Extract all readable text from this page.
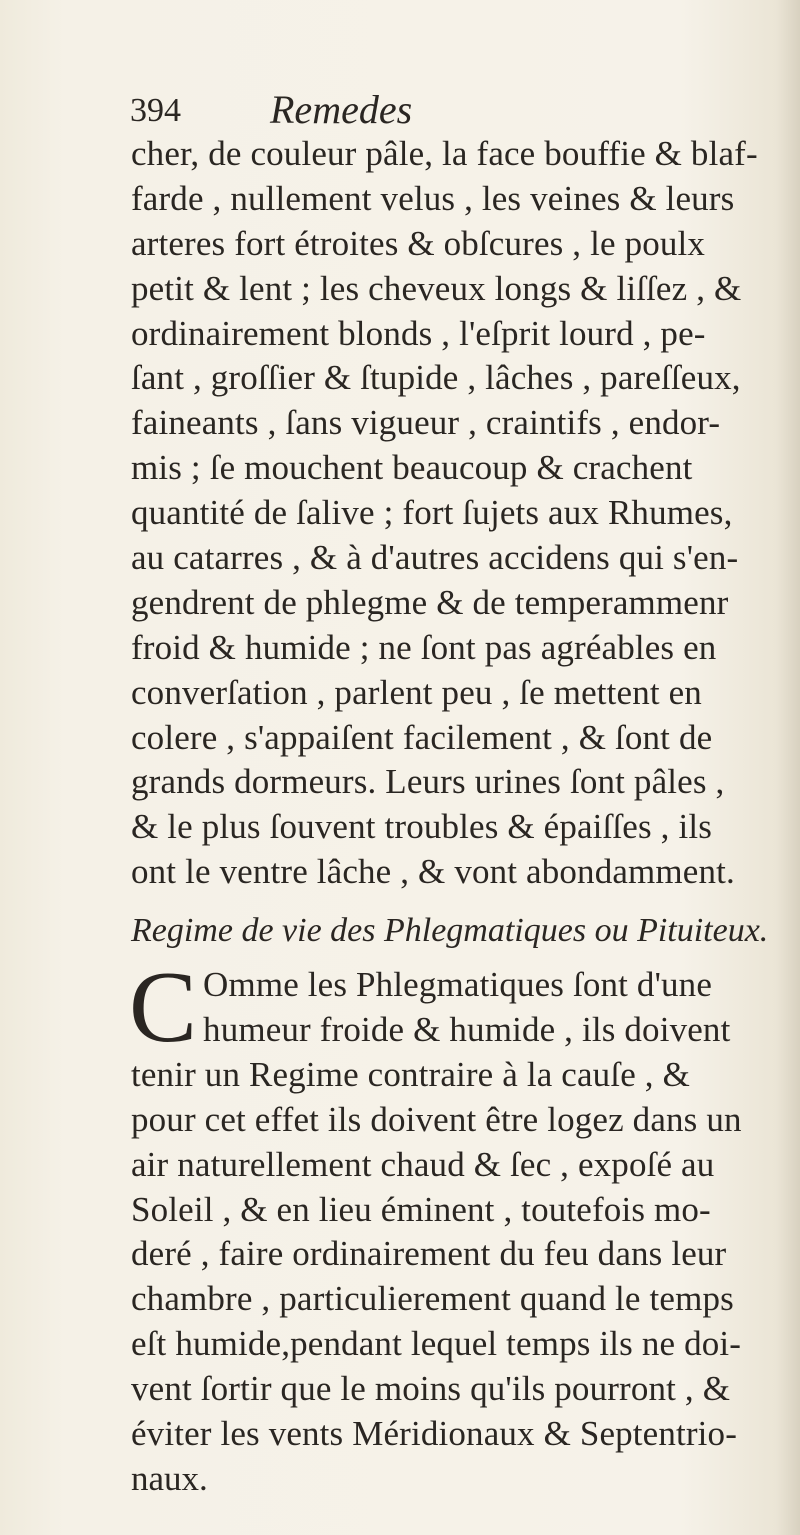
394 Remedes
cher, de couleur pâle, la face bouffie & blaf-
farde , nullement velus , les veines & leurs
arteres fort étroites & obſcures , le poulx
petit & lent ; les cheveux longs & liſſez , &
ordinairement blonds , l'eſprit lourd , pe-
ſant , groſſier & ſtupide , lâches , pareſſeux,
faineants , ſans vigueur , craintifs , endor-
mis ; ſe mouchent beaucoup & crachent
quantité de ſalive ; fort ſujets aux Rhumes,
au catarres , & à d'autres accidens qui s'en-
gendrent de phlegme & de temperammenr
froid & humide ; ne ſont pas agréables en
converſation , parlent peu , ſe mettent en
colere , s'appaiſent facilement , & ſont de
grands dormeurs. Leurs urines ſont pâles ,
& le plus ſouvent troubles & épaiſſes , ils
ont le ventre lâche , & vont abondamment.
Regime de vie des Phlegmatiques ou Pituiteux.
C Omme les Phlegmatiques ſont d'une
humeur froide & humide , ils doivent
tenir un Regime contraire à la cauſe , &
pour cet effet ils doivent être logez dans un
air naturellement chaud & ſec , expoſé au
Soleil , & en lieu éminent , toutefois mo-
deré , faire ordinairement du feu dans leur
chambre , particulierement quand le temps
eſt humide,pendant lequel temps ils ne doi-
vent ſortir que le moins qu'ils pourront , &
éviter les vents Méridionaux & Septentrio-
naux.
